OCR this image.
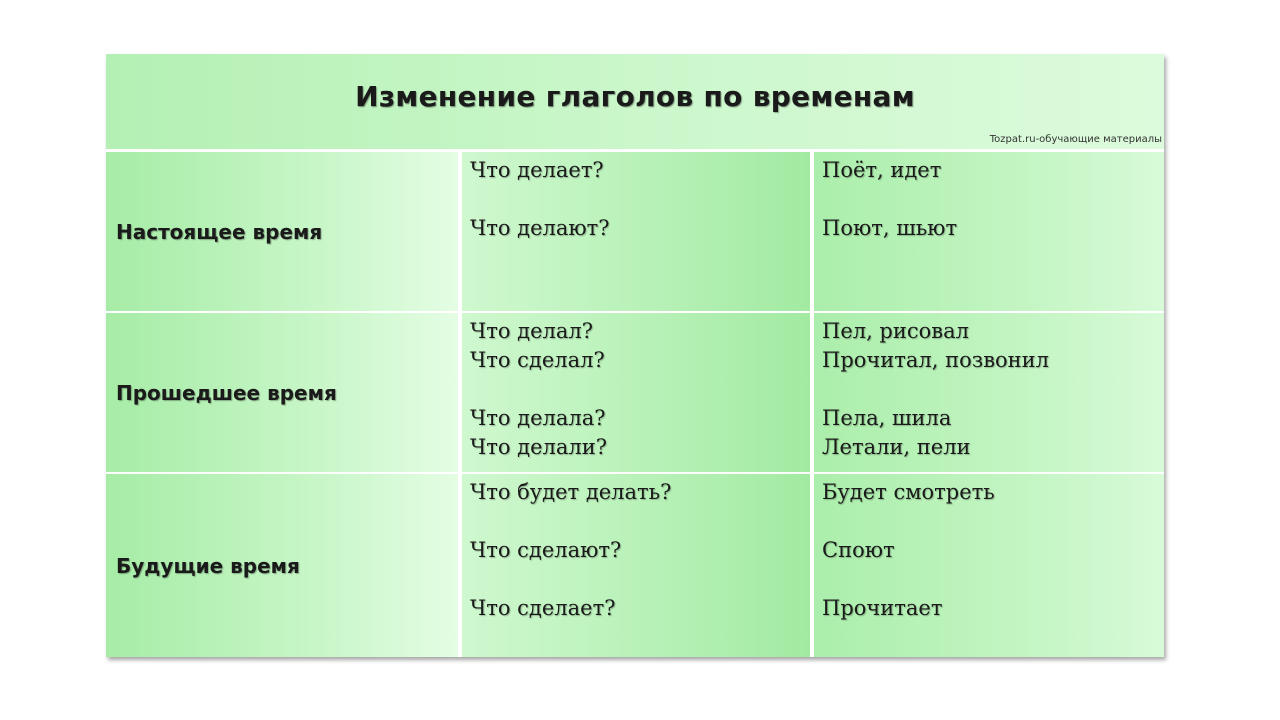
Изменение глаголов по временам
Tozpat.ru-обучающие материалы
Настоящее время
Что делает?
Что делают?
Поёт, идет
Поют, шьют
Прошедшее время
Что делал?
Что сделал?
Что делала?
Что делали?
Пел, рисовал
Прочитал, позвонил
Пела, шила
Летали, пели
Будущие время
Что будет делать?
Что сделают?
Что сделает?
Будет смотреть
Споют
Прочитает
